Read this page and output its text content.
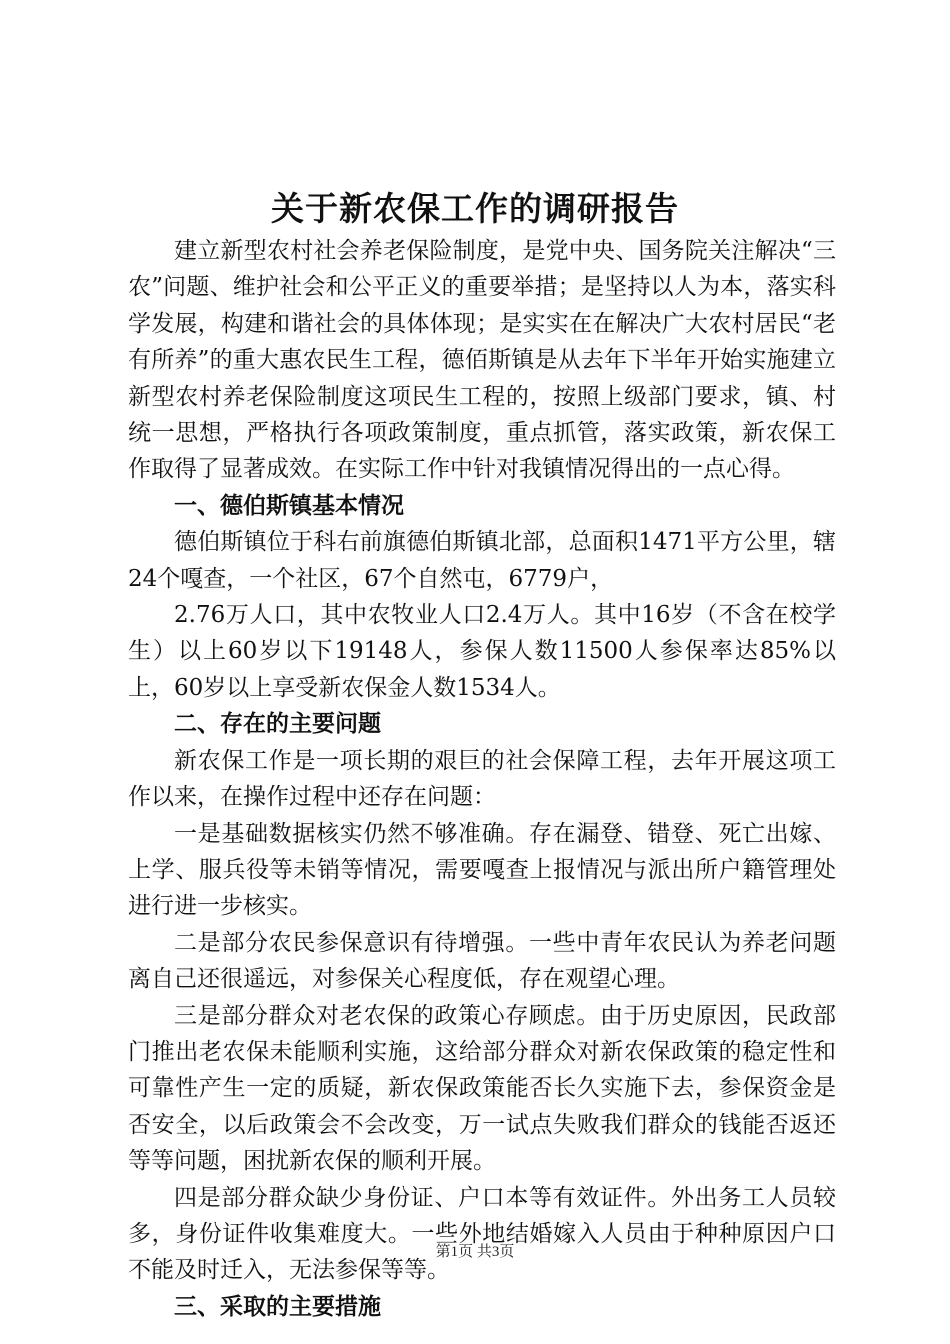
关于新农保工作的调研报告

建立新型农村社会养老保险制度，是党中央、国务院关注解决“三农”问题、维护社会和公平正义的重要举措；是坚持以人为本，落实科学发展，构建和谐社会的具体体现；是实实在在解决广大农村居民“老有所养”的重大惠农民生工程，德佰斯镇是从去年下半年开始实施建立新型农村养老保险制度这项民生工程的，按照上级部门要求，镇、村统一思想，严格执行各项政策制度，重点抓管，落实政策，新农保工作取得了显著成效。在实际工作中针对我镇情况得出的一点心得。

一、德伯斯镇基本情况

德伯斯镇位于科右前旗德伯斯镇北部，总面积1471平方公里，辖24个嘎查，一个社区，67个自然屯，6779户，

2.76万人口，其中农牧业人口2.4万人。其中16岁（不含在校学生）以上60岁以下19148人，参保人数11500人参保率达85%以上，60岁以上享受新农保金人数1534人。

二、存在的主要问题

新农保工作是一项长期的艰巨的社会保障工程，去年开展这项工作以来，在操作过程中还存在问题：

一是基础数据核实仍然不够准确。存在漏登、错登、死亡出嫁、上学、服兵役等未销等情况，需要嘎查上报情况与派出所户籍管理处进行进一步核实。

二是部分农民参保意识有待增强。一些中青年农民认为养老问题离自己还很遥远，对参保关心程度低，存在观望心理。

三是部分群众对老农保的政策心存顾虑。由于历史原因，民政部门推出老农保未能顺利实施，这给部分群众对新农保政策的稳定性和可靠性产生一定的质疑，新农保政策能否长久实施下去，参保资金是否安全，以后政策会不会改变，万一试点失败我们群众的钱能否返还等等问题，困扰新农保的顺利开展。

四是部分群众缺少身份证、户口本等有效证件。外出务工人员较多，身份证件收集难度大。一些外地结婚嫁入人员由于种种原因户口不能及时迁入，无法参保等等。

三、采取的主要措施

第1页 共3页
